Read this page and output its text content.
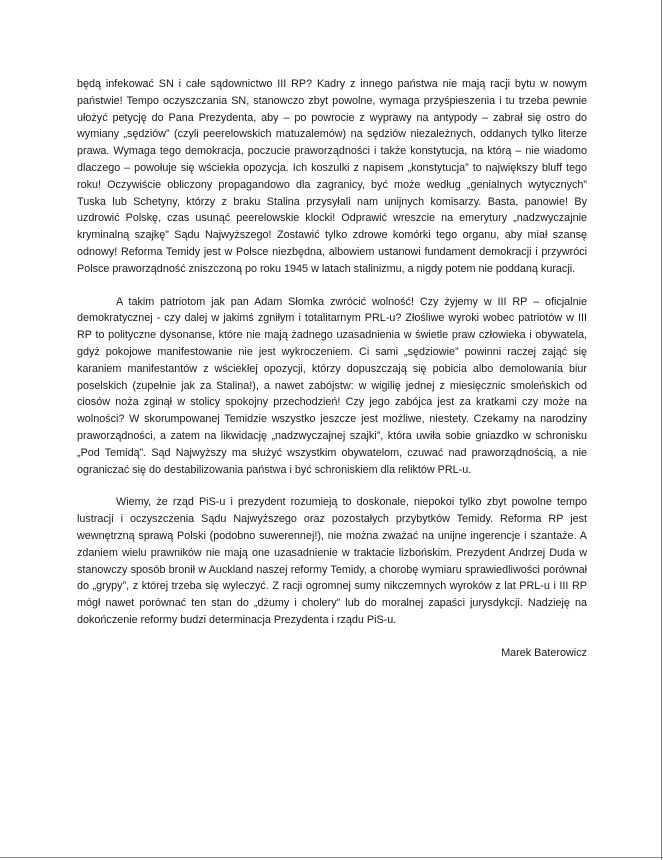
będą infekować SN i całe sądownictwo III RP? Kadry z innego państwa nie mają racji bytu w nowym państwie! Tempo oczyszczania SN, stanowczo zbyt powolne, wymaga przyśpieszenia i tu trzeba pewnie ułożyć petycję do Pana Prezydenta, aby – po powrocie z wyprawy na antypody – zabrał się ostro do wymiany „sędziów” (czyli peerelowskich matuzalemów) na sędziów niezależnych, oddanych tylko literze prawa. Wymaga tego demokracja, poczucie praworządności i także konstytucja, na którą – nie wiadomo dlaczego – powołuje się wściekła opozycja. Ich koszulki z napisem „konstytucja” to największy bluff tego roku! Oczywiście obliczony propagandowo dla zagranicy, być może według „genialnych wytycznych” Tuska lub Schetyny, którzy z braku Stalina przysyłali nam unijnych komisarzy. Basta, panowie! By uzdrowić Polskę, czas usunąć peerelowskie klocki! Odprawić wreszcie na emerytury „nadzwyczajnie kryminalną szajkę” Sądu Najwyższego! Zostawić tylko zdrowe komórki tego organu, aby miał szansę odnowy! Reforma Temidy jest w Polsce niezbędna, albowiem ustanowi fundament demokracji i przywróci Polsce praworządność zniszczoną po roku 1945 w latach stalinizmu, a nigdy potem nie poddaną kuracji.

A takim patriotom jak pan Adam Słomka zwrócić wolność! Czy żyjemy w III RP – oficjalnie demokratycznej - czy dalej w jakimś zgniłym i totalitarnym PRL-u? Złośliwe wyroki wobec patriotów w III RP to polityczne dysonanse, które nie mają żadnego uzasadnienia w świetle praw człowieka i obywatela, gdyż pokojowe manifestowanie nie jest wykroczeniem. Ci sami „sędziowie” powinni raczej zająć się karaniem manifestantów z wściekłej opozycji, którzy dopuszczają się pobicia albo demolowania biur poselskich (zupełnie jak za Stalina!), a nawet zabójstw: w wigilię jednej z miesięcznic smoleńskich od ciosów noża zginął w stolicy spokojny przechodzień! Czy jego zabójca jest za kratkami czy może na wolności? W skorumpowanej Temidzie wszystko jeszcze jest możliwe, niestety. Czekamy na narodziny praworządności, a zatem na likwidację „nadzwyczajnej szajki”, która uwiła sobie gniazdko w schronisku „Pod Temidą”. Sąd Najwyższy ma służyć wszystkim obywatelom, czuwać nad praworządnością, a nie ograniczać się do destabilizowania państwa i być schroniskiem dla reliktów PRL-u.

Wiemy, że rząd PiS-u i prezydent rozumieją to doskonale, niepokoi tylko zbyt powolne tempo lustracji i oczyszczenia Sądu Najwyższego oraz pozostałych przybytków Temidy. Reforma RP jest wewnętrzną sprawą Polski (podobno suwerennej!), nie można zważać na unijne ingerencje i szantaże. A zdaniem wielu prawników nie mają one uzasadnienie w traktacie lizbońskim. Prezydent Andrzej Duda w stanowczy sposób bronił w Auckland naszej reformy Temidy, a chorobę wymiaru sprawiedliwości porównał do „grypy”, z której trzeba się wyleczyć. Z racji ogromnej sumy nikczemnych wyroków z lat PRL-u i III RP mógł nawet porównać ten stan do „dżumy i cholery” lub do moralnej zapaści jurysdykcji. Nadzieję na dokończenie reformy budzi determinacja Prezydenta i rządu PiS-u.

Marek Baterowicz
